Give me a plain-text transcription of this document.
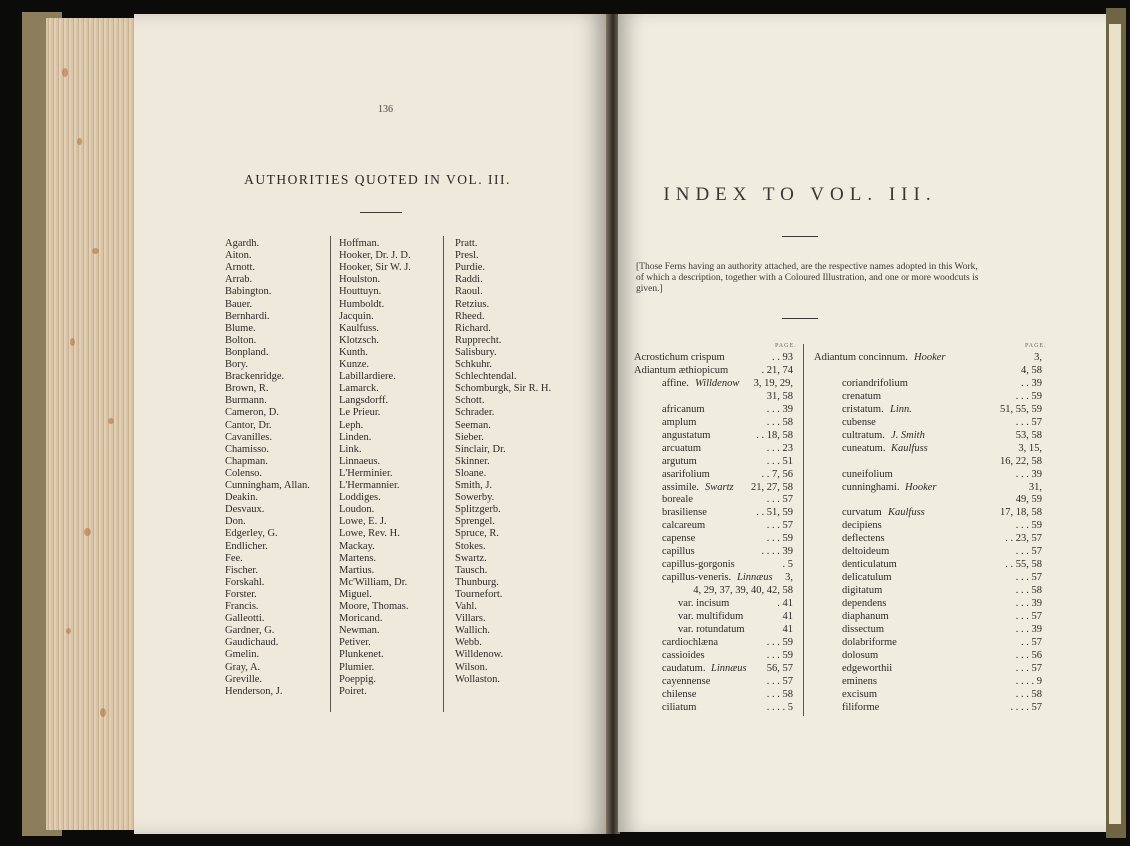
136
AUTHORITIES QUOTED IN VOL. III.
Agardh.
Aiton.
Arnott.
Arrab.
Babington.
Bauer.
Bernhardi.
Blume.
Bolton.
Bonpland.
Bory.
Brackenridge.
Brown, R.
Burmann.
Cameron, D.
Cantor, Dr.
Cavanilles.
Chamisso.
Chapman.
Colenso.
Cunningham, Allan.
Deakin.
Desvaux.
Don.
Edgerley, G.
Endlicher.
Fee.
Fischer.
Forskahl.
Forster.
Francis.
Galleotti.
Gardner, G.
Gaudichaud.
Gmelin.
Gray, A.
Greville.
Henderson, J.
Hoffman.
Hooker, Dr. J. D.
Hooker, Sir W. J.
Houlston.
Houttuyn.
Humboldt.
Jacquin.
Kaulfuss.
Klotzsch.
Kunth.
Kunze.
Labillardiere.
Lamarck.
Langsdorff.
Le Prieur.
Leph.
Linden.
Link.
Linnaeus.
L'Herminier.
L'Hermannier.
Loddiges.
Loudon.
Lowe, E. J.
Lowe, Rev. H.
Mackay.
Martens.
Martius.
Mc'William, Dr.
Miguel.
Moore, Thomas.
Moricand.
Newman.
Petiver.
Plunkenet.
Plumier.
Poeppig.
Poiret.
Pratt.
Presl.
Purdie.
Raddi.
Raoul.
Retzius.
Rheed.
Richard.
Rupprecht.
Salisbury.
Schkuhr.
Schlechtendal.
Schomburgk, Sir R. H.
Schott.
Schrader.
Seeman.
Sieber.
Sinclair, Dr.
Skinner.
Sloane.
Smith, J.
Sowerby.
Splitzgerb.
Sprengel.
Spruce, R.
Stokes.
Swartz.
Tausch.
Thunburg.
Tournefort.
Vahl.
Villars.
Wallich.
Webb.
Willdenow.
Wilson.
Wollaston.
INDEX TO VOL. III.
[Those Ferns having an authority attached, are the respective names adopted in this Work, of which a description, together with a Coloured Illustration, and one or more woodcuts is given.]
PAGE.	PAGE.
Acrostichum crispum	. . 93
Adiantum æthiopicum	. 21, 74
affine. Willdenow 3, 19, 29,
31, 58
africanum	. . . 39
amplum	. . . 58
angustatum	. . 18, 58
arcuatum	. . . 23
argutum	. . . 51
asarifolium	. . 7, 56
assimile. Swartz 21, 27, 58
boreale	. . . 57
brasiliense	. . 51, 59
calcareum	. . . 57
capense	. . . 59
capillus	. . . . 39
capillus-gorgonis	. 5
capillus-veneris. Linnæus 3,
4, 29, 37, 39, 40, 42, 58
var. incisum	. 41
var. multifidum	41
var. rotundatum	41
cardiochlæna	. . . 59
cassioides	. . . 59
caudatum. Linnæus 56, 57
cayennense	. . . 57
chilense	. . . 58
ciliatum	. . . . 5
Adiantum concinnum. Hooker	3,
4, 58
coriandrifolium	. . 39
crenatum	. . . 59
cristatum. Linn.	51, 55, 59
cubense	. . . 57
cultratum. J. Smith	53, 58
cuneatum. Kaulfuss	3, 15,
16, 22, 58
cuneifolium	. . . 39
cunninghami. Hooker	31,
49, 59
curvatum Kaulfuss	17, 18, 58
decipiens	. . . 59
deflectens	. . 23, 57
deltoideum	. . . 57
denticulatum	. . 55, 58
delicatulum	. . . 57
digitatum	. . . 58
dependens	. . . 39
diaphanum	. . . 57
dissectum	. . . 39
dolabriforme	. . 57
dolosum	. . . 56
edgeworthii	. . . 57
eminens	. . . . 9
excisum	. . . 58
filiforme	. . . . 57
